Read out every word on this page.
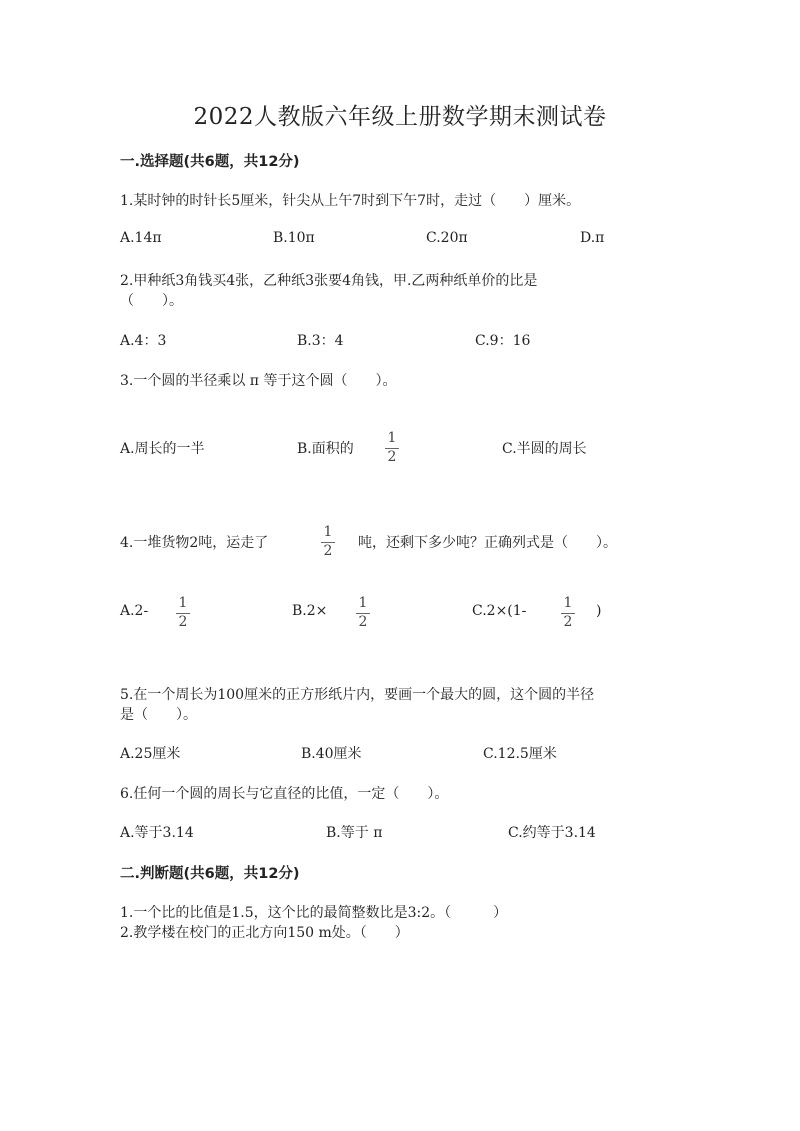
2022人教版六年级上册数学期末测试卷
一.选择题(共6题，共12分)
1.某时钟的时针长5厘米，针尖从上午7时到下午7时，走过（　　）厘米。
A.14π	B.10π	C.20π	D.π
2.甲种纸3角钱买4张，乙种纸3张要4角钱，甲.乙两种纸单价的比是
（　　）。
A.4：3	B.3：4	C.9：16
3.一个圆的半径乘以 π 等于这个圆（　　）。
A.周长的一半	B.面积的
1
2	C.半圆的周长
4.一堆货物2吨，运走了
1
2 吨，还剩下多少吨？正确列式是（　　）。
A.2- 1
2
B.2× 1
2
C.2×(1-	1
2
)
5.在一个周长为100厘米的正方形纸片内，要画一个最大的圆，这个圆的半径
是（　　）。
A.25厘米	B.40厘米	C.12.5厘米
6.任何一个圆的周长与它直径的比值，一定（　　）。
A.等于3.14	B.等于 π	C.约等于3.14
二.判断题(共6题，共12分)
1.一个比的比值是1.5，这个比的最简整数比是3:2。（　　　）
2.教学楼在校门的正北方向150 m处。（　　）
